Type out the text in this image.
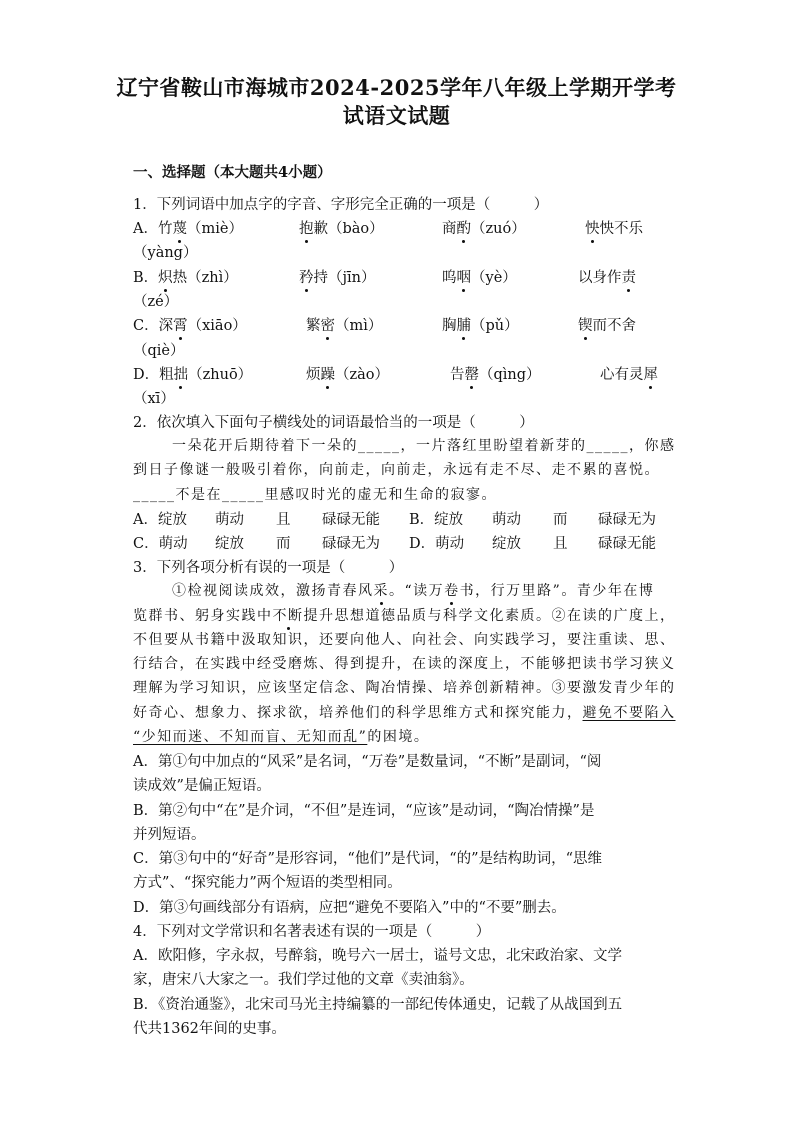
辽宁省鞍山市海城市2024-2025学年八年级上学期开学考
试语文试题
一、选择题（本大题共4小题）
1．下列词语中加点字的字音、字形完全正确的一项是（　　　）
A．竹蔑（miè）	抱歉（bào）	商酌（zuó）	怏怏不乐
（yàng）
B．炽热（zhì）	矜持（jīn）	呜咽（yè）	以身作责
（zé）
C．深霄（xiāo）	繁密（mì）	胸脯（pǔ）	锲而不舍
（qiè）
D．粗拙（zhuō）	烦躁（zào）	告罄（qìng）	心有灵犀
（xī）
2．依次填入下面句子横线处的词语最恰当的一项是（　　　）
一朵花开后期待着下一朵的_____，一片落红里盼望着新芽的_____，你感
到日子像谜一般吸引着你，向前走，向前走，永远有走不尽、走不累的喜悦。
_____不是在_____里感叹时光的虚无和生命的寂寥。
A．绽放 萌动 且 碌碌无能 B．绽放 萌动 而 碌碌无为
C．萌动 绽放 而 碌碌无为 D．萌动 绽放 且 碌碌无能
3．下列各项分析有误的一项是（　　　）
①检视阅读成效，激扬青春风采。“读万卷书，行万里路”。青少年在博
览群书、躬身实践中不断提升思想道德品质与科学文化素质。②在读的广度上，
不但要从书籍中汲取知识，还要向他人、向社会、向实践学习，要注重读、思、
行结合，在实践中经受磨炼、得到提升，在读的深度上，不能够把读书学习狭义
理解为学习知识，应该坚定信念、陶冶情操、培养创新精神。③要激发青少年的
好奇心、想象力、探求欲，培养他们的科学思维方式和探究能力，避免不要陷入
“少知而迷、不知而盲、无知而乱”的困境。
A．第①句中加点的“风采”是名词，“万卷”是数量词，“不断”是副词，“阅
读成效”是偏正短语。
B．第②句中“在”是介词，“不但”是连词，“应该”是动词，“陶冶情操”是
并列短语。
C．第③句中的“好奇”是形容词，“他们”是代词，“的”是结构助词，“思维
方式”、“探究能力”两个短语的类型相同。
D．第③句画线部分有语病，应把“避免不要陷入”中的“不要”删去。
4．下列对文学常识和名著表述有误的一项是（　　　）
A．欧阳修，字永叔，号醉翁，晚号六一居士，谥号文忠，北宋政治家、文学
家，唐宋八大家之一。我们学过他的文章《卖油翁》。
B．《资治通鉴》，北宋司马光主持编纂的一部纪传体通史，记载了从战国到五
代共1362年间的史事。
